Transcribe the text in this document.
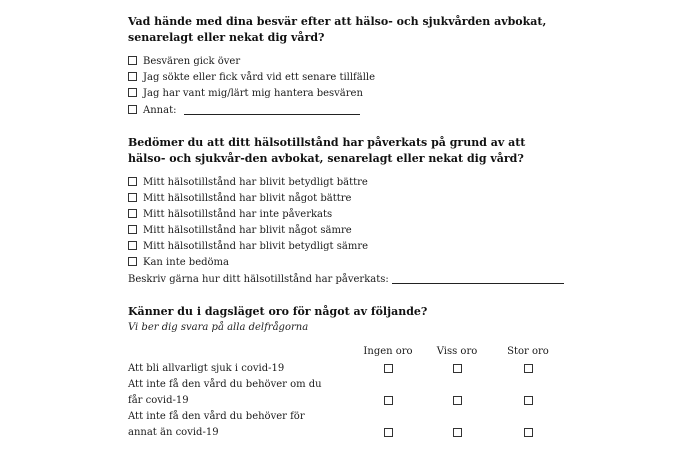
Vad hände med dina besvär efter att hälso- och sjukvården avbokat, senarelagt eller nekat dig vård?
Besvären gick över
Jag sökte eller fick vård vid ett senare tillfälle
Jag har vant mig/lärt mig hantera besvären
Annat:
Bedömer du att ditt hälsotillstånd har påverkats på grund av att hälso- och sjukvår-den avbokat, senarelagt eller nekat dig vård?
Mitt hälsotillstånd har blivit betydligt bättre
Mitt hälsotillstånd har blivit något bättre
Mitt hälsotillstånd har inte påverkats
Mitt hälsotillstånd har blivit något sämre
Mitt hälsotillstånd har blivit betydligt sämre
Kan inte bedöma
Beskriv gärna hur ditt hälsotillstånd har påverkats:
Känner du i dagsläget oro för något av följande?
Vi ber dig svara på alla delfrågorna
Ingen oro	Viss oro	Stor oro
Att bli allvarligt sjuk i covid-19
Att inte få den vård du behöver om du
får covid-19
Att inte få den vård du behöver för
annat än covid-19
